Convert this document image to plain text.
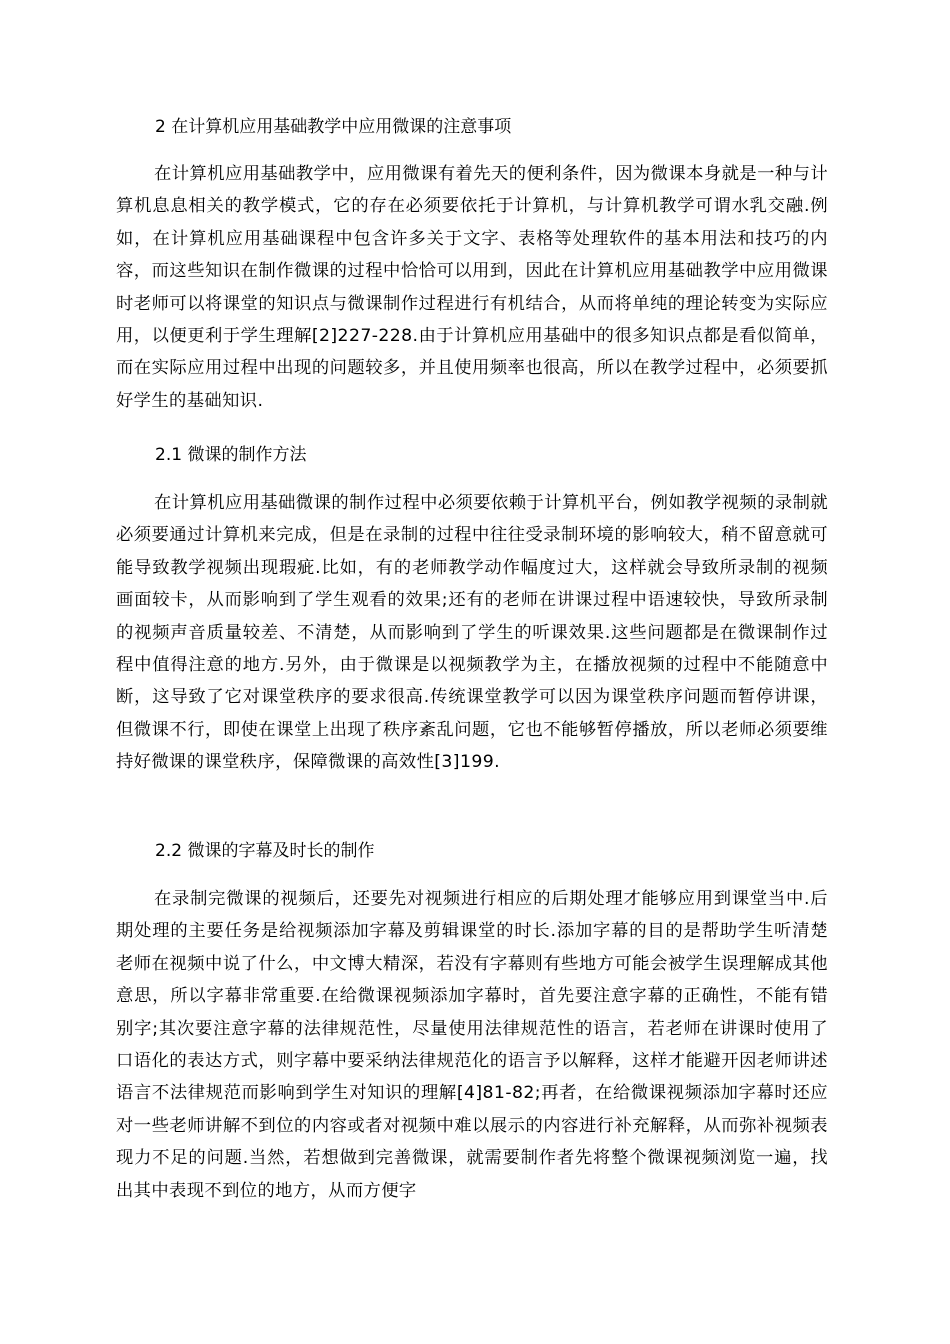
2 在计算机应用基础教学中应用微课的注意事项

在计算机应用基础教学中，应用微课有着先天的便利条件，因为微课本身就是一种与计算机息息相关的教学模式，它的存在必须要依托于计算机，与计算机教学可谓水乳交融.例如，在计算机应用基础课程中包含许多关于文字、表格等处理软件的基本用法和技巧的内容，而这些知识在制作微课的过程中恰恰可以用到，因此在计算机应用基础教学中应用微课时老师可以将课堂的知识点与微课制作过程进行有机结合，从而将单纯的理论转变为实际应用，以便更利于学生理解[2]227-228.由于计算机应用基础中的很多知识点都是看似简单，而在实际应用过程中出现的问题较多，并且使用频率也很高，所以在教学过程中，必须要抓好学生的基础知识.

2.1 微课的制作方法

在计算机应用基础微课的制作过程中必须要依赖于计算机平台，例如教学视频的录制就必须要通过计算机来完成，但是在录制的过程中往往受录制环境的影响较大，稍不留意就可能导致教学视频出现瑕疵.比如，有的老师教学动作幅度过大，这样就会导致所录制的视频画面较卡，从而影响到了学生观看的效果;还有的老师在讲课过程中语速较快，导致所录制的视频声音质量较差、不清楚，从而影响到了学生的听课效果.这些问题都是在微课制作过程中值得注意的地方.另外，由于微课是以视频教学为主，在播放视频的过程中不能随意中断，这导致了它对课堂秩序的要求很高.传统课堂教学可以因为课堂秩序问题而暂停讲课，但微课不行，即使在课堂上出现了秩序紊乱问题，它也不能够暂停播放，所以老师必须要维持好微课的课堂秩序，保障微课的高效性[3]199.

2.2 微课的字幕及时长的制作

在录制完微课的视频后，还要先对视频进行相应的后期处理才能够应用到课堂当中.后期处理的主要任务是给视频添加字幕及剪辑课堂的时长.添加字幕的目的是帮助学生听清楚老师在视频中说了什么，中文博大精深，若没有字幕则有些地方可能会被学生误理解成其他意思，所以字幕非常重要.在给微课视频添加字幕时，首先要注意字幕的正确性，不能有错别字;其次要注意字幕的法律规范性，尽量使用法律规范性的语言，若老师在讲课时使用了口语化的表达方式，则字幕中要采纳法律规范化的语言予以解释，这样才能避开因老师讲述语言不法律规范而影响到学生对知识的理解[4]81-82;再者，在给微课视频添加字幕时还应对一些老师讲解不到位的内容或者对视频中难以展示的内容进行补充解释，从而弥补视频表现力不足的问题.当然，若想做到完善微课，就需要制作者先将整个微课视频浏览一遍，找出其中表现不到位的地方，从而方便字
